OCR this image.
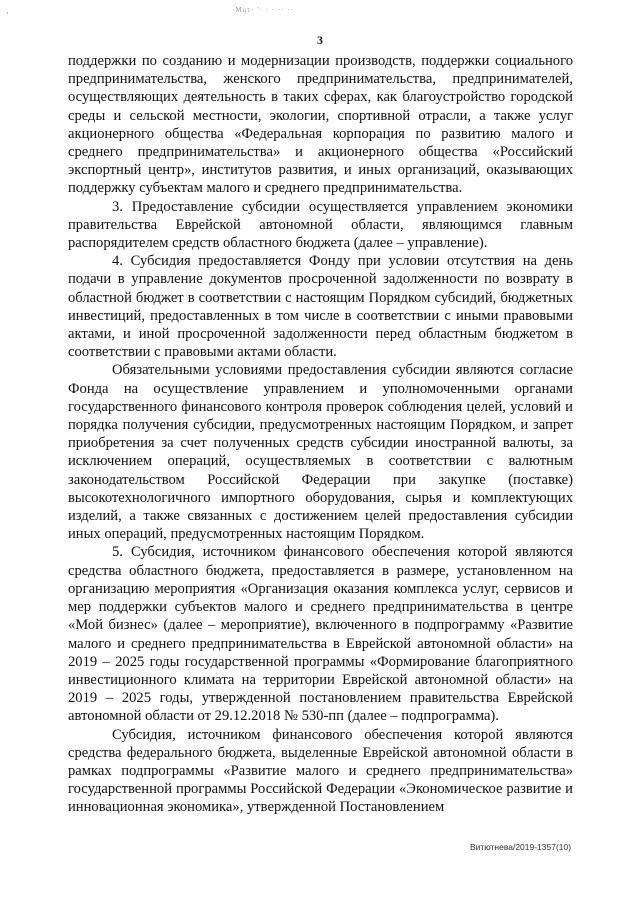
·	·Мцт· '· · · ·· ··
3

поддержки по созданию и модернизации производств, поддержки социального предпринимательства, женского предпринимательства, предпринимателей, осуществляющих деятельность в таких сферах, как благоустройство городской среды и сельской местности, экологии, спортивной отрасли, а также услуг акционерного общества «Федеральная корпорация по развитию малого и среднего предпринимательства» и акционерного общества «Российский экспортный центр», институтов развития, и иных организаций, оказывающих поддержку субъектам малого и среднего предпринимательства.

3. Предоставление субсидии осуществляется управлением экономики правительства Еврейской автономной области, являющимся главным распорядителем средств областного бюджета (далее – управление).

4. Субсидия предоставляется Фонду при условии отсутствия на день подачи в управление документов просроченной задолженности по возврату в областной бюджет в соответствии с настоящим Порядком субсидий, бюджетных инвестиций, предоставленных в том числе в соответствии с иными правовыми актами, и иной просроченной задолженности перед областным бюджетом в соответствии с правовыми актами области.

Обязательными условиями предоставления субсидии являются согласие Фонда на осуществление управлением и уполномоченными органами государственного финансового контроля проверок соблюдения целей, условий и порядка получения субсидии, предусмотренных настоящим Порядком, и запрет приобретения за счет полученных средств субсидии иностранной валюты, за исключением операций, осуществляемых в соответствии с валютным законодательством Российской Федерации при закупке (поставке) высокотехнологичного импортного оборудования, сырья и комплектующих изделий, а также связанных с достижением целей предоставления субсидии иных операций, предусмотренных настоящим Порядком.

5. Субсидия, источником финансового обеспечения которой являются средства областного бюджета, предоставляется в размере, установленном на организацию мероприятия «Организация оказания комплекса услуг, сервисов и мер поддержки субъектов малого и среднего предпринимательства в центре «Мой бизнес» (далее – мероприятие), включенного в подпрограмму «Развитие малого и среднего предпринимательства в Еврейской автономной области» на 2019 – 2025 годы государственной программы «Формирование благоприятного инвестиционного климата на территории Еврейской автономной области» на 2019 – 2025 годы, утвержденной постановлением правительства Еврейской автономной области от 29.12.2018 № 530-пп (далее – подпрограмма).

Субсидия, источником финансового обеспечения которой являются средства федерального бюджета, выделенные Еврейской автономной области в рамках подпрограммы «Развитие малого и среднего предпринимательства» государственной программы Российской Федерации «Экономическое развитие и инновационная экономика», утвержденной Постановлением

Витютнева/2019-1357(10)
